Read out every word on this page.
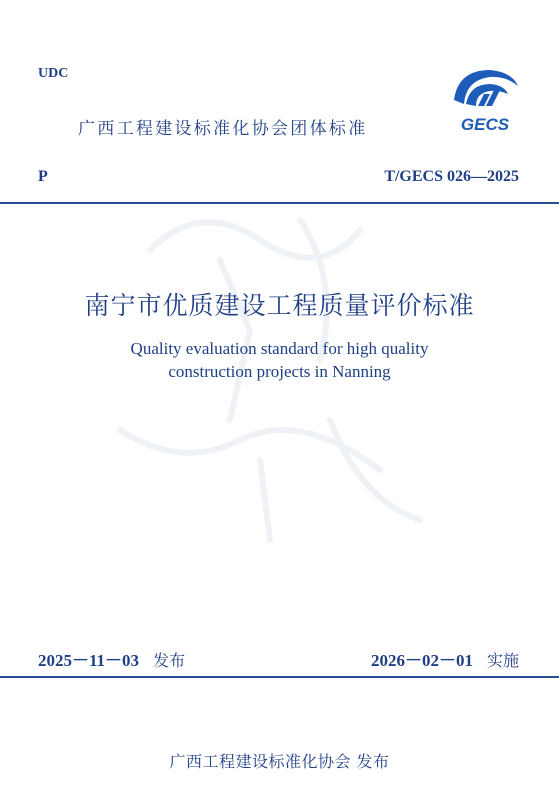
UDC
广西工程建设标准化协会团体标准	GECS
P	T/GECS 026—2025
南宁市优质建设工程质量评价标准
Quality evaluation standard for high quality
construction projects in Nanning
2025－11－03 发布	2026－02－01 实施
广西工程建设标准化协会 发布
